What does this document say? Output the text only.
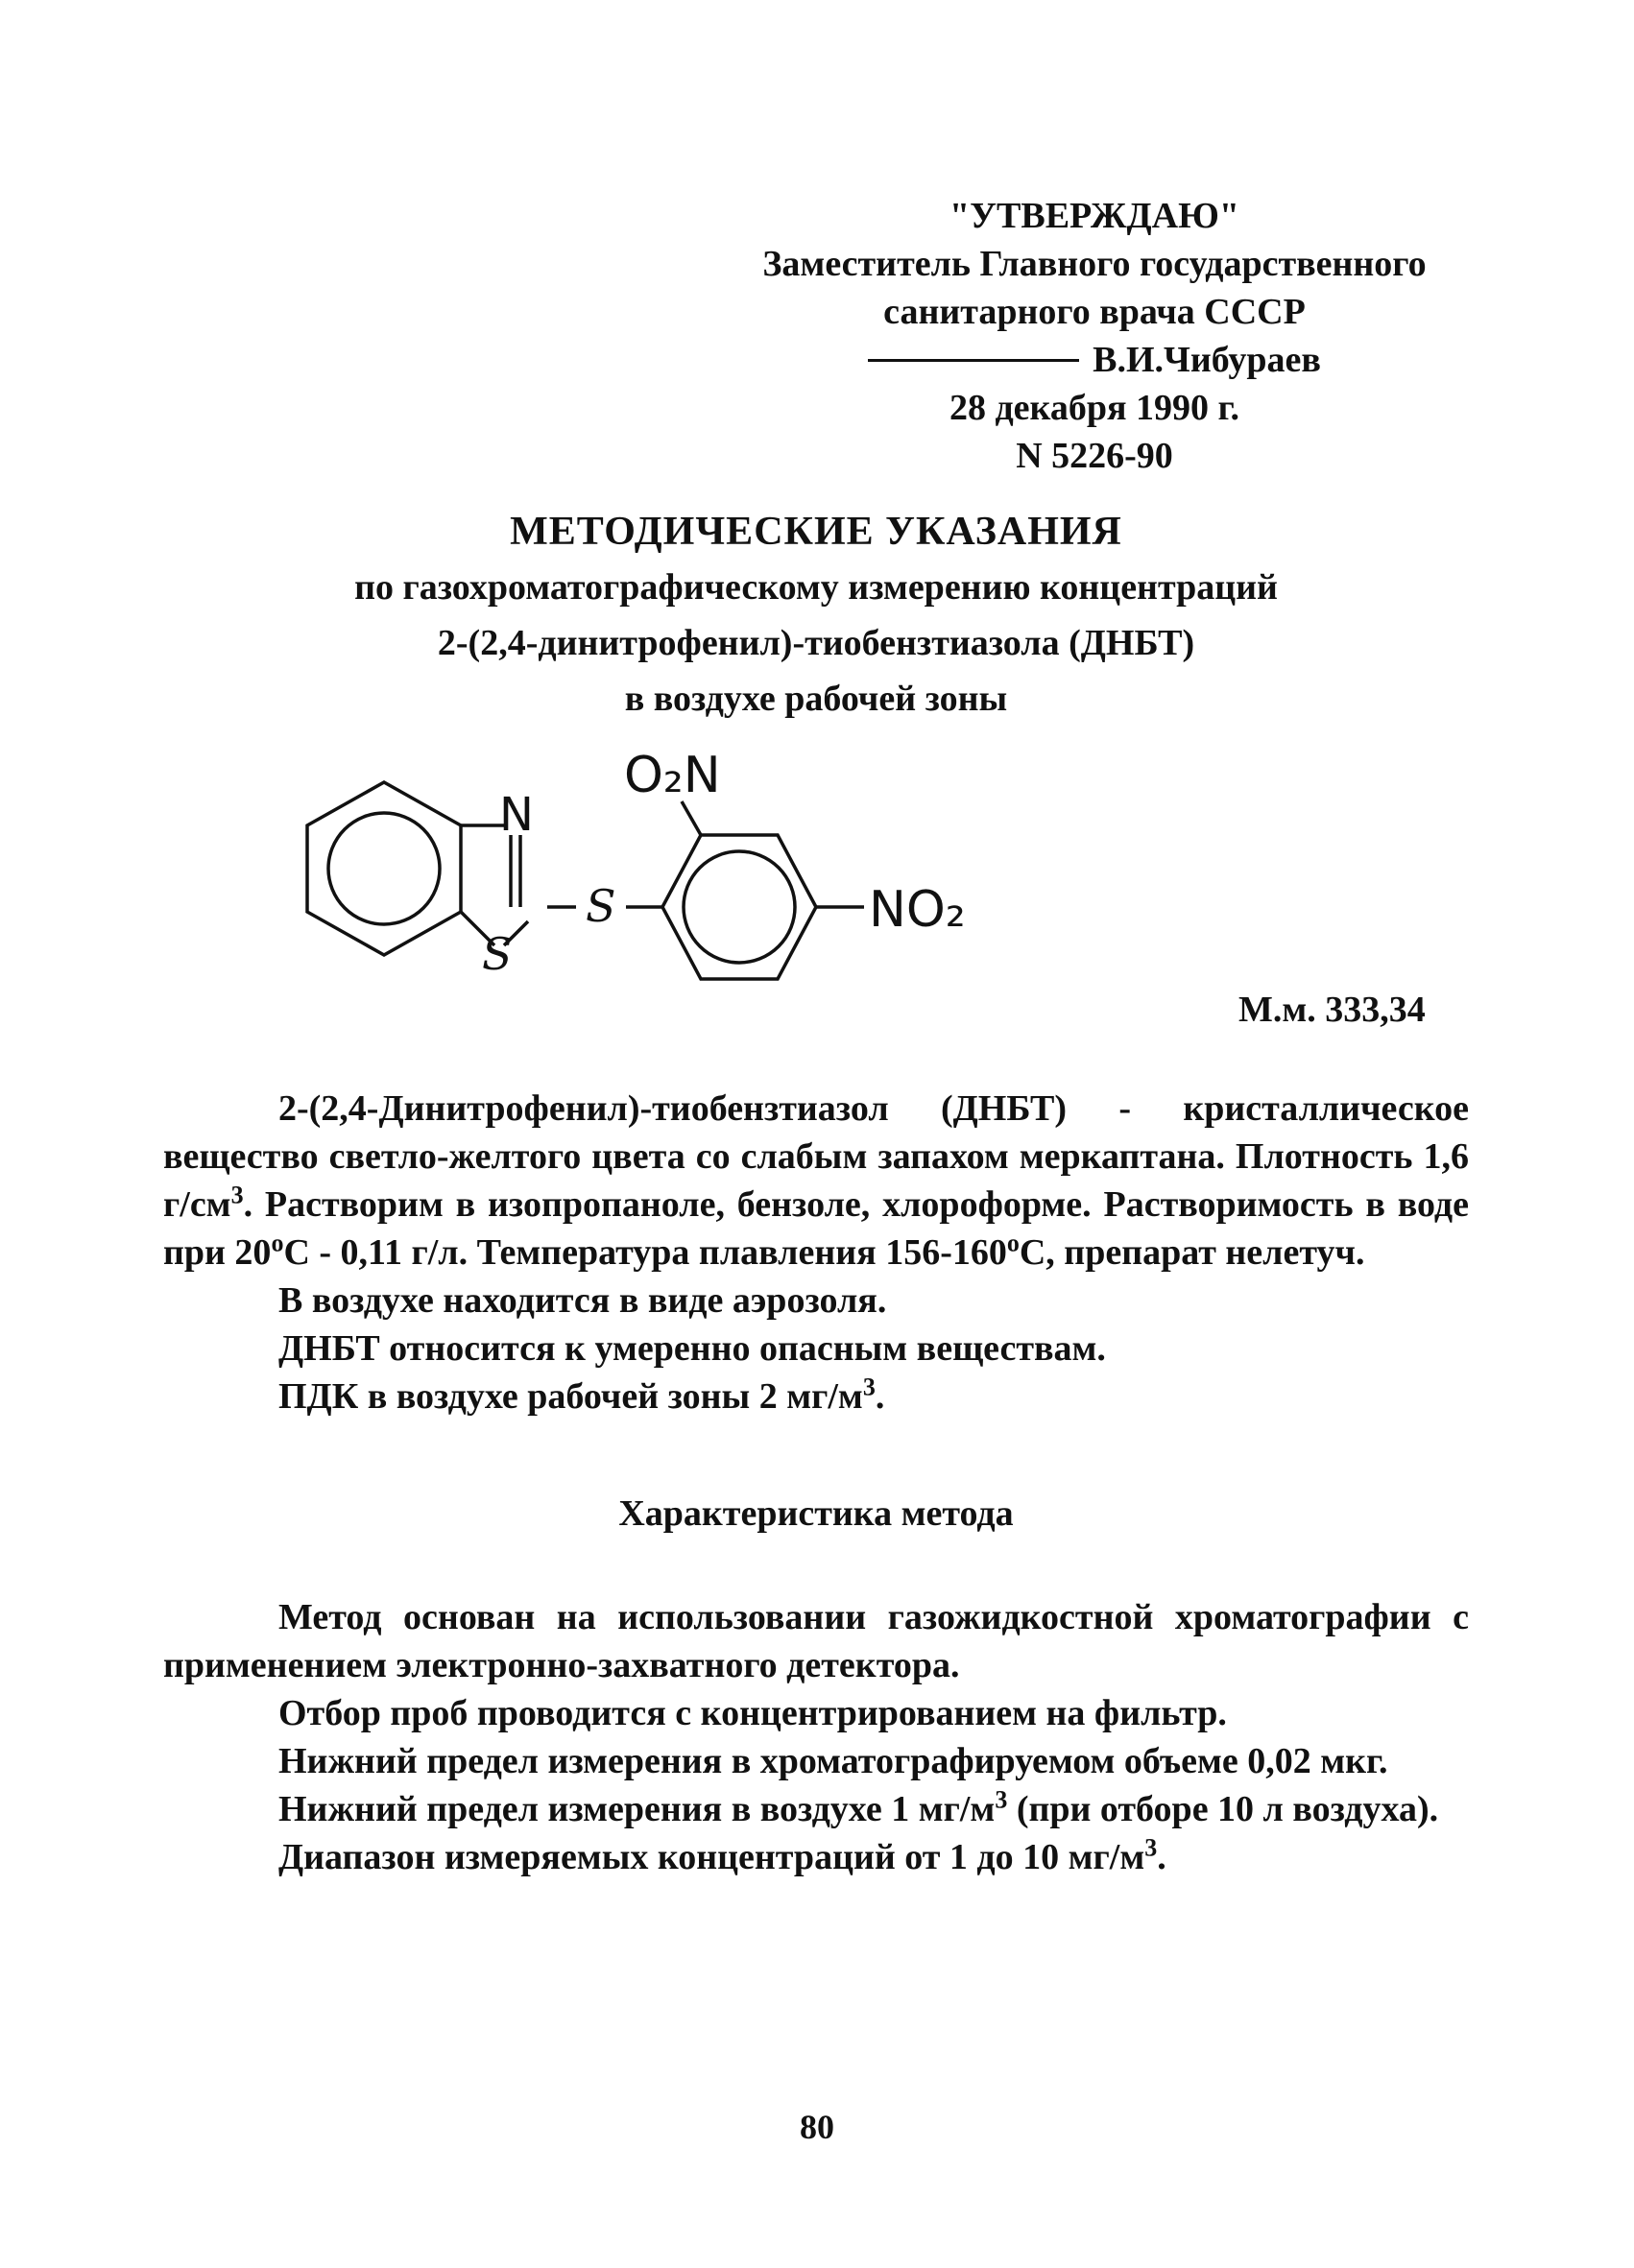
"УТВЕРЖДАЮ"
Заместитель Главного государственного
санитарного врача СССР
В.И.Чибураев
28 декабря 1990 г.
N 5226-90
МЕТОДИЧЕСКИЕ УКАЗАНИЯ
по газохроматографическому измерению концентраций
2-(2,4-динитрофенил)-тиобензтиазола (ДНБТ)
в воздухе рабочей зоны
O₂N
N
S
S	NO₂
М.м. 333,34

2-(2,4-Динитрофенил)-тиобензтиазол (ДНБТ) - кристаллическое вещество светло-желтого цвета со слабым запахом меркаптана. Плотность 1,6 $г/см^3$. Растворим в изопропаноле, бензоле, хлороформе. Растворимость в воде при $20^оС - 0,11$ г/л. Температура плавления $156-160^оС$, препарат нелетуч.

В воздухе находится в виде аэрозоля.

ДНБТ относится к умеренно опасным веществам.

ПДК в воздухе рабочей зоны 2 $мг/м^3$.

Характеристика метода

Метод основан на использовании газожидкостной хроматографии с применением электронно-захватного детектора.

Отбор проб проводится с концентрированием на фильтр.

Нижний предел измерения в хроматографируемом объеме 0,02 мкг.

Нижний предел измерения в воздухе 1 $мг/м^3$ (при отборе 10 л воздуха).

Диапазон измеряемых концентраций от 1 до 10 $мг/м^3$.

80
